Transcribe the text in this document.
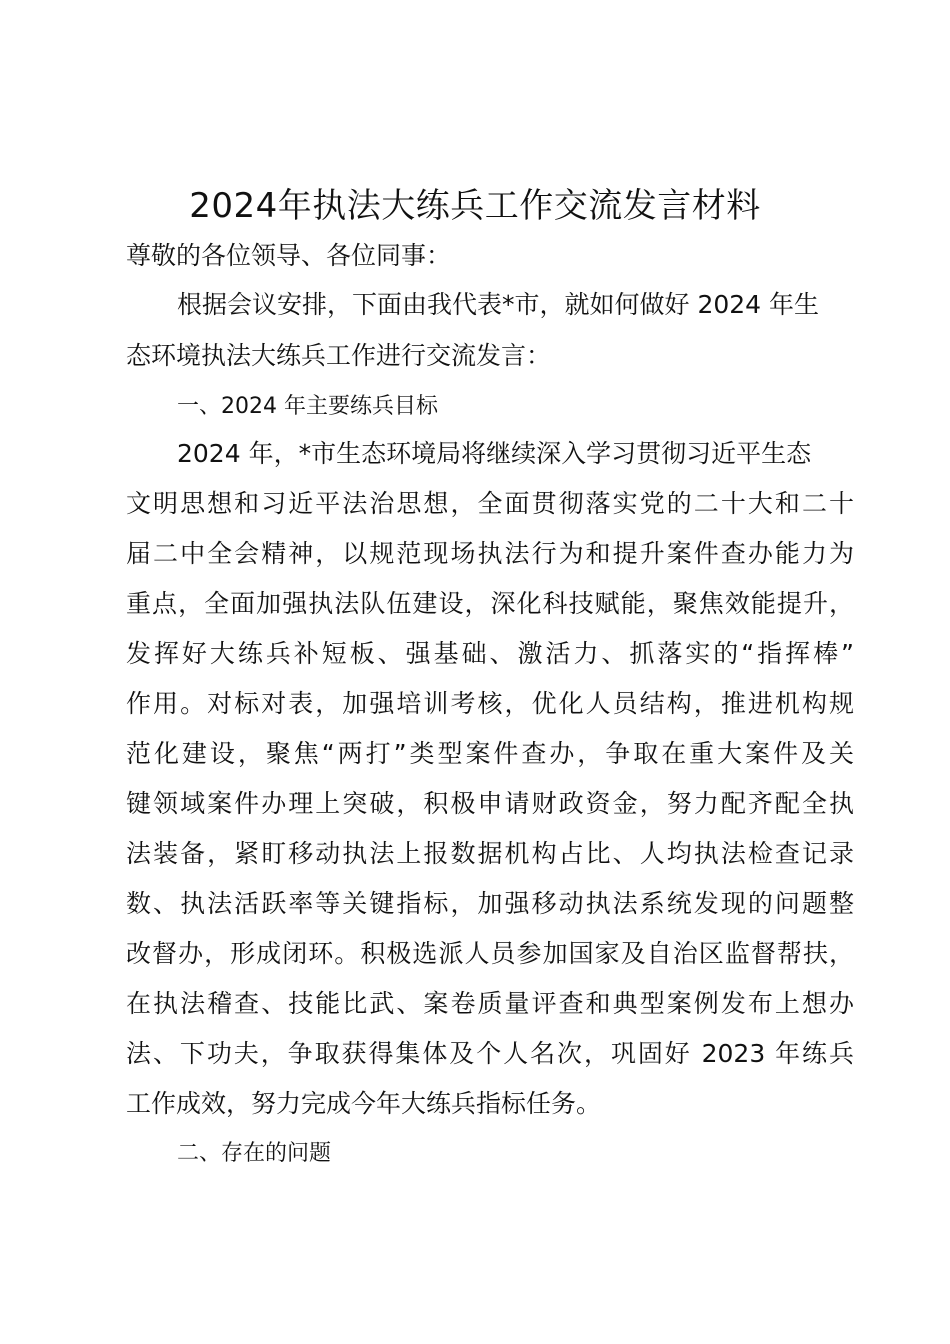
2024年执法大练兵工作交流发言材料
尊敬的各位领导、各位同事：
根据会议安排，下面由我代表*市，就如何做好 2024 年生
态环境执法大练兵工作进行交流发言：
一、2024 年主要练兵目标
2024 年，*市生态环境局将继续深入学习贯彻习近平生态
文明思想和习近平法治思想，全面贯彻落实党的二十大和二十
届二中全会精神，以规范现场执法行为和提升案件查办能力为
重点，全面加强执法队伍建设，深化科技赋能，聚焦效能提升，
发挥好大练兵补短板、强基础、激活力、抓落实的“指挥棒”
作用。对标对表，加强培训考核，优化人员结构，推进机构规
范化建设，聚焦“两打”类型案件查办，争取在重大案件及关
键领域案件办理上突破，积极申请财政资金，努力配齐配全执
法装备，紧盯移动执法上报数据机构占比、人均执法检查记录
数、执法活跃率等关键指标，加强移动执法系统发现的问题整
改督办，形成闭环。积极选派人员参加国家及自治区监督帮扶，
在执法稽查、技能比武、案卷质量评查和典型案例发布上想办
法、下功夫，争取获得集体及个人名次，巩固好 2023 年练兵
工作成效，努力完成今年大练兵指标任务。
二、存在的问题
